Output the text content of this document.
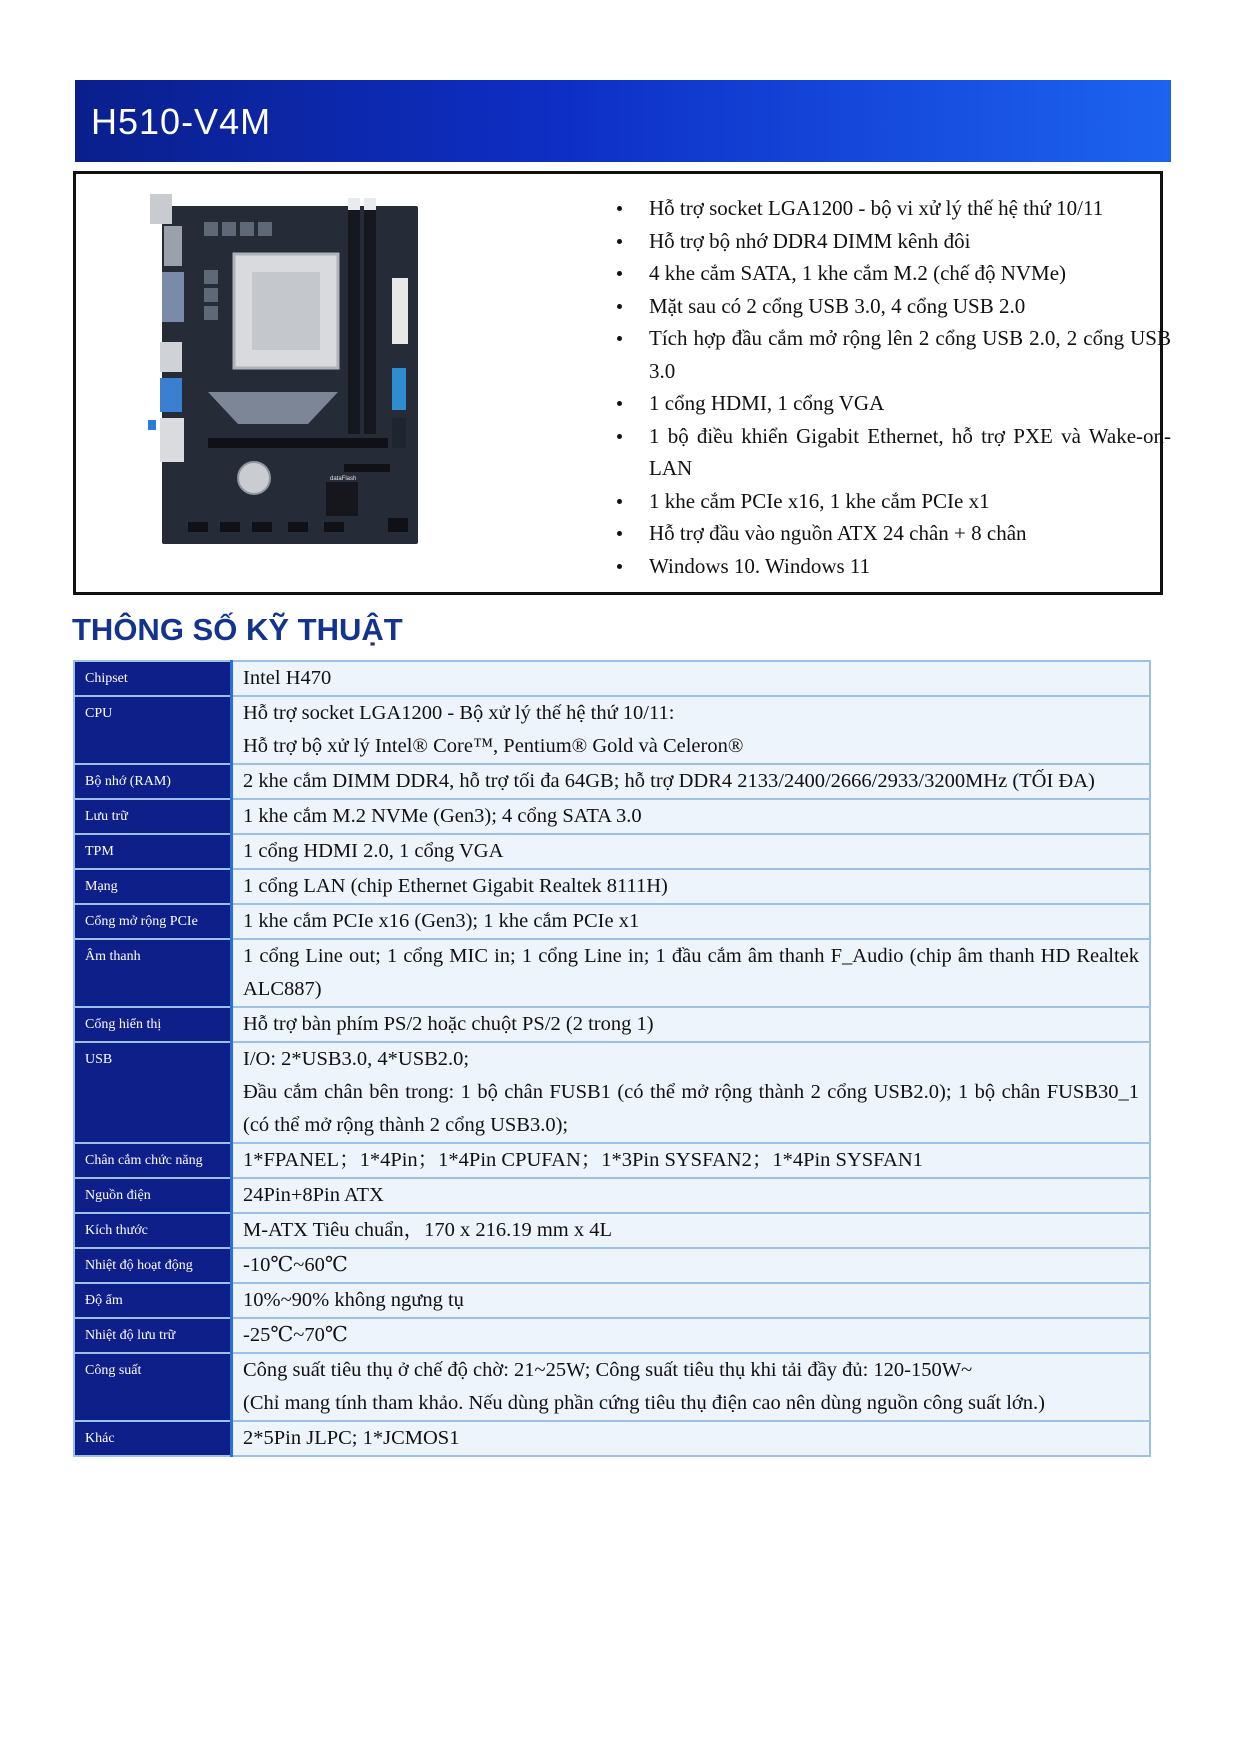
H510-V4M
dataFlash
Hỗ trợ socket LGA1200 - bộ vi xử lý thế hệ thứ 10/11
Hỗ trợ bộ nhớ DDR4 DIMM kênh đôi
4 khe cắm SATA, 1 khe cắm M.2 (chế độ NVMe)
Mặt sau có 2 cổng USB 3.0, 4 cổng USB 2.0
Tích hợp đầu cắm mở rộng lên 2 cổng USB 2.0, 2 cổng USB 3.0
1 cổng HDMI, 1 cổng VGA
1 bộ điều khiển Gigabit Ethernet, hỗ trợ PXE và Wake-on-LAN
1 khe cắm PCIe x16, 1 khe cắm PCIe x1
Hỗ trợ đầu vào nguồn ATX 24 chân + 8 chân
Windows 10. Windows 11
THÔNG SỐ KỸ THUẬT
Chipset	Intel H470

CPU	Hỗ trợ socket LGA1200 - Bộ xử lý thế hệ thứ 10/11:
Hỗ trợ bộ xử lý Intel® Core™, Pentium® Gold và Celeron®

Bộ nhớ (RAM)	2 khe cắm DIMM DDR4, hỗ trợ tối đa 64GB; hỗ trợ DDR4 2133/2400/2666/2933/3200MHz (TỐI ĐA)

Lưu trữ	1 khe cắm M.2 NVMe (Gen3); 4 cổng SATA 3.0

TPM	1 cổng HDMI 2.0, 1 cổng VGA

Mạng	1 cổng LAN (chip Ethernet Gigabit Realtek 8111H)

Cổng mở rộng PCIe	1 khe cắm PCIe x16 (Gen3); 1 khe cắm PCIe x1

Âm thanh	1 cổng Line out; 1 cổng MIC in; 1 cổng Line in; 1 đầu cắm âm thanh F_Audio (chip âm thanh HD Realtek ALC887)

Cổng hiển thị	Hỗ trợ bàn phím PS/2 hoặc chuột PS/2 (2 trong 1)

USB	I/O: 2*USB3.0, 4*USB2.0;
Đầu cắm chân bên trong: 1 bộ chân FUSB1 (có thể mở rộng thành 2 cổng USB2.0); 1 bộ chân FUSB30_1 (có thể mở rộng thành 2 cổng USB3.0);

Chân cắm chức năng	1*FPANEL；1*4Pin；1*4Pin CPUFAN；1*3Pin SYSFAN2；1*4Pin SYSFAN1

Nguồn điện	24Pin+8Pin ATX

Kích thước	M-ATX Tiêu chuẩn，170 x 216.19 mm x 4L

Nhiệt độ hoạt động	-10℃~60℃

Độ ẩm	10%~90% không ngưng tụ

Nhiệt độ lưu trữ	-25℃~70℃

Công suất	Công suất tiêu thụ ở chế độ chờ: 21~25W; Công suất tiêu thụ khi tải đầy đủ: 120-150W~
(Chỉ mang tính tham khảo. Nếu dùng phần cứng tiêu thụ điện cao nên dùng nguồn công suất lớn.)

Khác	2*5Pin JLPC; 1*JCMOS1
